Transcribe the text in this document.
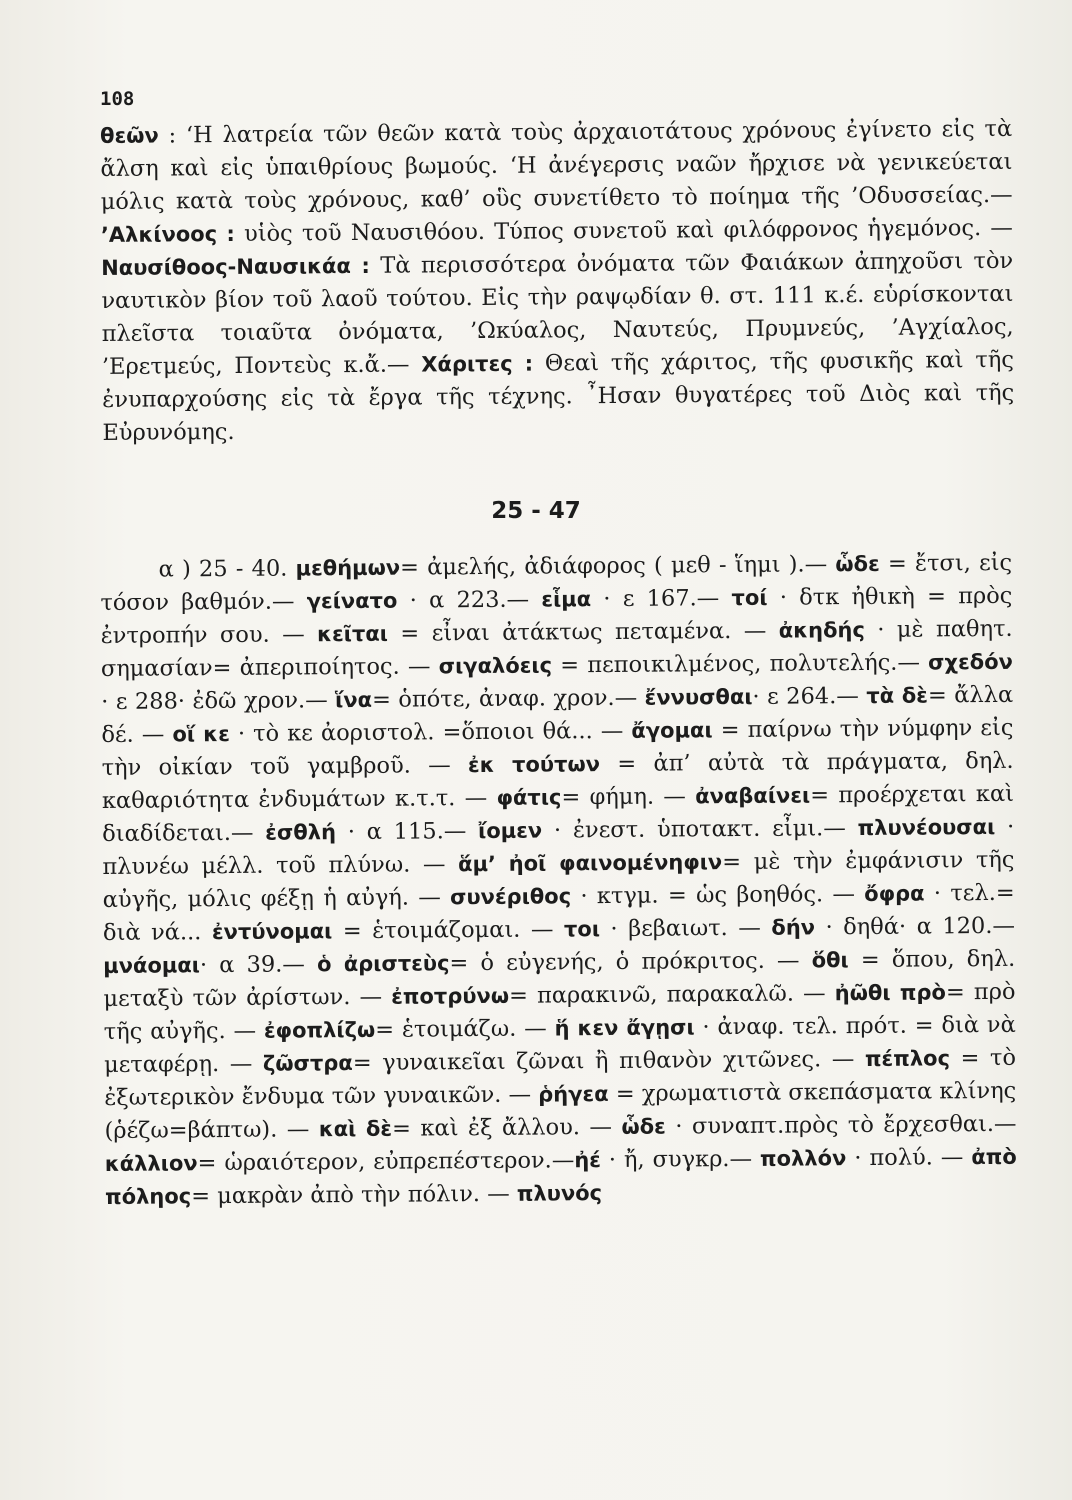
108

θεῶν : ‘Η λατρεία τῶν θεῶν κατὰ τοὺς ἀρχαιοτάτους χρόνους ἐγίνετο εἰς τὰ ἄλση καὶ εἰς ὑπαιθρίους βωμούς. ‘Η ἀνέγερσις ναῶν ἤρχισε νὰ γενικεύεται μόλις κατὰ τοὺς χρόνους, καθ’ οὓς συνετίθετο τὸ ποίημα τῆς ’Οδυσσείας.— ’Αλκίνοος : υἱὸς τοῦ Ναυσιθόου. Τύπος συνετοῦ καὶ φιλόφρονος ἡγεμόνος. — Ναυσίθοος-Ναυσικάα : Τὰ περισσότερα ὀνόματα τῶν Φαιάκων ἀπηχοῦσι τὸν ναυτικὸν βίον τοῦ λαοῦ τούτου. Εἰς τὴν ραψῳδίαν θ. στ. 111 κ.έ. εὑρίσκονται πλεῖστα τοιαῦτα ὀνόματα, ’Ωκύαλος, Ναυτεύς, Πρυμνεύς, ’Αγχίαλος, ’Ερετμεύς, Ποντεὺς κ.ἄ.— Χάριτες : Θεαὶ τῆς χάριτος, τῆς φυσικῆς καὶ τῆς ἐνυπαρχούσης εἰς τὰ ἔργα τῆς τέχνης. ῏Ησαν θυγατέρες τοῦ Διὸς καὶ τῆς Εὐρυνόμης.

25 - 47

α ) 25 - 40. μεθήμων= ἀμελής, ἀδιάφορος ( μεθ - ἵημι ).— ὧδε = ἔτσι, εἰς τόσον βαθμόν.— γείνατο · α 223.— εἷμα · ε 167.— τοί · δτκ ἠθικὴ = πρὸς ἐντροπήν σου. — κεῖται = εἶναι ἀτάκτως πεταμένα. — ἀκηδής · μὲ παθητ. σημασίαν= ἀπεριποίητος. — σιγαλόεις = πεποικιλμένος, πολυτελής.— σχεδόν · ε 288· ἐδῶ χρον.— ἵνα= ὁπότε, ἀναφ. χρον.— ἔννυσθαι· ε 264.— τὰ δὲ= ἄλλα δέ. — οἵ κε · τὸ κε ἀοριστολ. =ὅποιοι θά... — ἄγομαι = παίρνω τὴν νύμφην εἰς τὴν οἰκίαν τοῦ γαμβροῦ. — ἐκ τούτων = ἀπ’ αὐτὰ τὰ πράγματα, δηλ. καθαριότητα ἐνδυμάτων κ.τ.τ. — φάτις= φήμη. — ἀναβαίνει= προέρχεται καὶ διαδίδεται.— ἐσθλή · α 115.— ἴομεν · ἐνεστ. ὑποτακτ. εἶμι.— πλυνέουσαι · πλυνέω μέλλ. τοῦ πλύνω. — ἅμ’ ἠοῖ φαινομένηφιν= μὲ τὴν ἐμφάνισιν τῆς αὐγῆς, μόλις φέξῃ ἡ αὐγή. — συνέριθος · κτγμ. = ὡς βοηθός. — ὄφρα · τελ.= διὰ νά... ἐντύνομαι = ἑτοιμάζομαι. — τοι · βεβαιωτ. — δήν · δηθά· α 120.—μνάομαι· α 39.— ὁ ἀριστεὺς= ὁ εὐγενής, ὁ πρόκριτος. — ὅθι = ὅπου, δηλ. μεταξὺ τῶν ἀρίστων. — ἐποτρύνω= παρακινῶ, παρακαλῶ. — ἠῶθι πρὸ= πρὸ τῆς αὐγῆς. — ἐφοπλίζω= ἑτοιμάζω. — ἥ κεν ἄγῃσι · ἀναφ. τελ. πρότ. = διὰ νὰ μεταφέρῃ. — ζῶστρα= γυναικεῖαι ζῶναι ἢ πιθανὸν χιτῶνες. — πέπλος = τὸ ἐξωτερικὸν ἔνδυμα τῶν γυναικῶν. — ῥήγεα = χρωματιστὰ σκεπάσματα κλίνης (ῥέζω=βάπτω). — καὶ δὲ= καὶ ἐξ ἄλλου. — ὧδε · συναπτ.πρὸς τὸ ἔρχεσθαι.—κάλλιον= ὡραιότερον, εὐπρεπέστερον.—ἠέ · ἤ, συγκρ.— πολλόν · πολύ. — ἀπὸ πόληος= μακρὰν ἀπὸ τὴν πόλιν. — πλυνός
